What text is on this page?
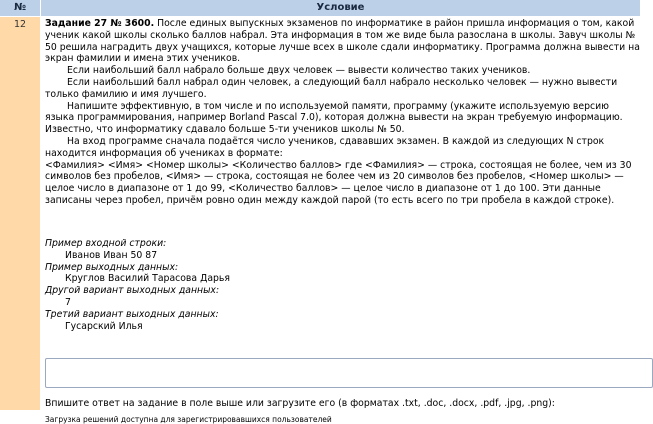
№	Условие
12	Задание 27 № 3600. После единых выпускных экзаменов по информатике в район пришла информация о том, какой ученик какой школы сколько баллов набрал. Эта информация в том же виде была разослана в школы. Завуч школы № 50 решила наградить двух учащихся, которые лучше всех в школе сдали информатику. Программа должна вывести на экран фамилии и имена этих учеников.

Если наибольший балл набрало больше двух человек — вывести количество таких учеников.

Если наибольший балл набрал один человек, а следующий балл набрало несколько человек — нужно вывести только фамилию и имя лучшего.

Напишите эффективную, в том числе и по используемой памяти, программу (укажите используемую версию языка программирования, например Borland Pascal 7.0), которая должна вывести на экран требуемую информацию. Известно, что информатику сдавало больше 5-ти учеников школы № 50.

На вход программе сначала подаётся число учеников, сдававших экзамен. В каждой из следующих N строк находится информация об учениках в формате:

<Фамилия> <Имя> <Номер школы> <Количество баллов> где <Фамилия> — строка, состоящая не более, чем из 30 символов без пробелов, <Имя> — строка, состоящая не более чем из 20 символов без пробелов, <Номер школы> — целое число в диапазоне от 1 до 99, <Количество баллов> — целое число в диапазоне от 1 до 100. Эти данные записаны через пробел, причём ровно один между каждой парой (то есть всего по три пробела в каждой строке).

Пример входной строки:
Иванов Иван 50 87
Пример выходных данных:
Круглов Василий Тарасова Дарья
Другой вариант выходных данных:
7
Третий вариант выходных данных:
Гусарский Илья
Впишите ответ на задание в поле выше или загрузите его (в форматах .txt, .doc, .docx, .pdf, .jpg, .png):
Загрузка решений доступна для зарегистрировавшихся пользователей
